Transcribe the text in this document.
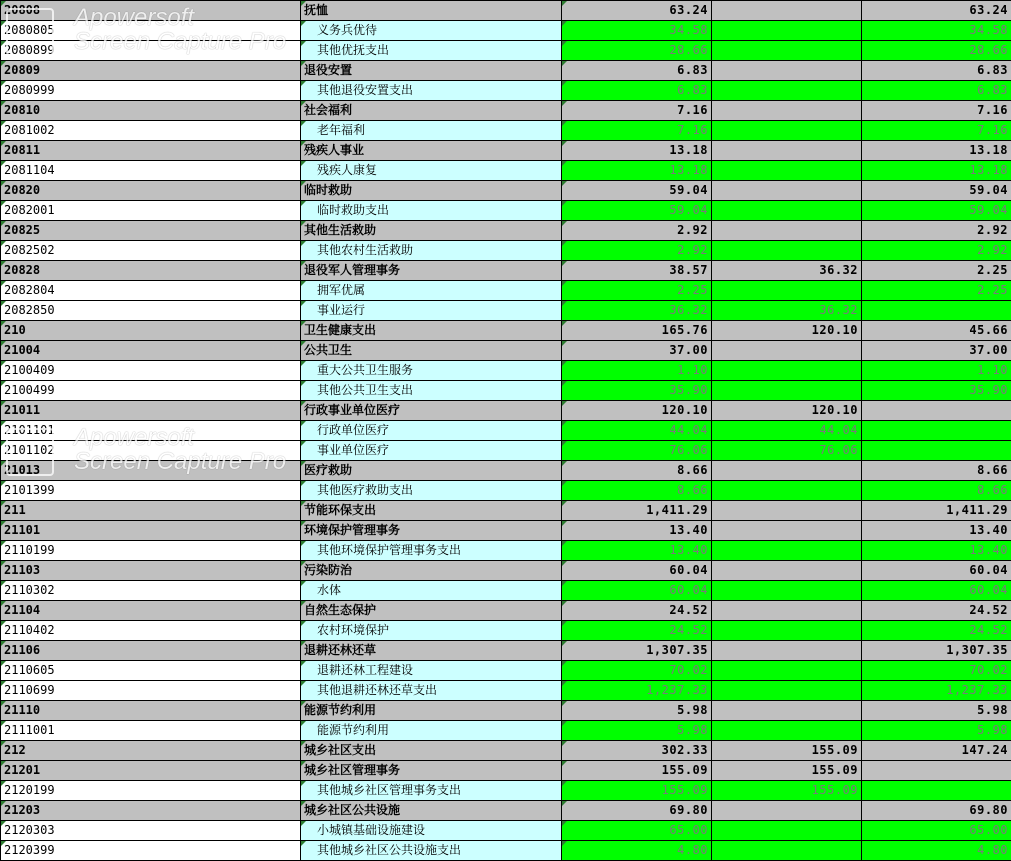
20808	抚恤	63.24		63.24
2080805	义务兵优待	34.58		34.58
2080899	其他优抚支出	28.66		28.66
20809	退役安置	6.83		6.83
2080999	其他退役安置支出	6.83		6.83
20810	社会福利	7.16		7.16
2081002	老年福利	7.16		7.16
20811	残疾人事业	13.18		13.18
2081104	残疾人康复	13.18		13.18
20820	临时救助	59.04		59.04
2082001	临时救助支出	59.04		59.04
20825	其他生活救助	2.92		2.92
2082502	其他农村生活救助	2.92		2.92
20828	退役军人管理事务	38.57	36.32	2.25
2082804	拥军优属	2.25		2.25
2082850	事业运行	36.32	36.32	
210	卫生健康支出	165.76	120.10	45.66
21004	公共卫生	37.00		37.00
2100409	重大公共卫生服务	1.10		1.10
2100499	其他公共卫生支出	35.90		35.90
21011	行政事业单位医疗	120.10	120.10	
2101101	行政单位医疗	44.04	44.04	
2101102	事业单位医疗	76.06	76.06	
21013	医疗救助	8.66		8.66
2101399	其他医疗救助支出	8.66		8.66
211	节能环保支出	1,411.29		1,411.29
21101	环境保护管理事务	13.40		13.40
2110199	其他环境保护管理事务支出	13.40		13.40
21103	污染防治	60.04		60.04
2110302	水体	60.04		60.04
21104	自然生态保护	24.52		24.52
2110402	农村环境保护	24.52		24.52
21106	退耕还林还草	1,307.35		1,307.35
2110605	退耕还林工程建设	70.02		70.02
2110699	其他退耕还林还草支出	1,237.33		1,237.33
21110	能源节约利用	5.98		5.98
2111001	能源节约利用	5.98		5.98
212	城乡社区支出	302.33	155.09	147.24
21201	城乡社区管理事务	155.09	155.09	
2120199	其他城乡社区管理事务支出	155.09	155.09	
21203	城乡社区公共设施	69.80		69.80
2120303	小城镇基础设施建设	65.00		65.00
2120399	其他城乡社区公共设施支出	4.80		4.80
Apowersoft
Screen Capture Pro
Apowersoft
Screen Capture Pro
